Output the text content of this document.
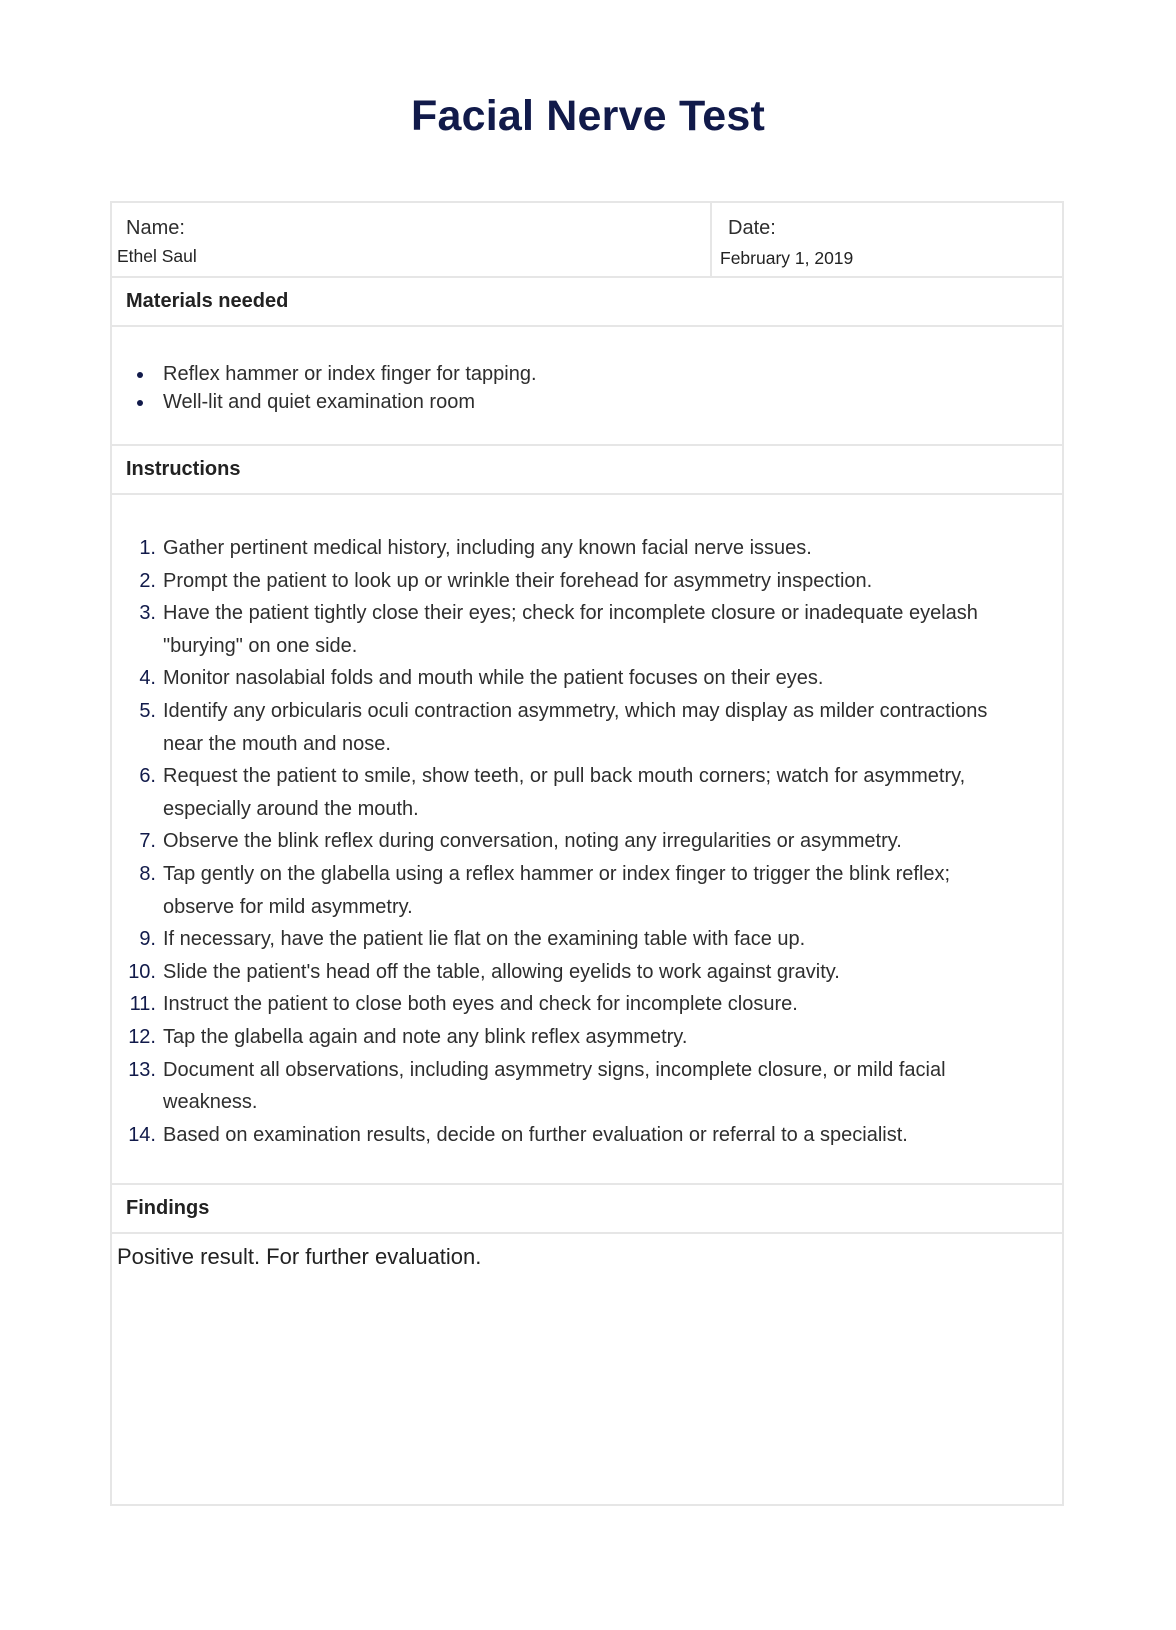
Facial Nerve Test
Name:
Ethel Saul
Date:
February 1, 2019
Materials needed
Reflex hammer or index finger for tapping.
Well-lit and quiet examination room
Instructions
1. Gather pertinent medical history, including any known facial nerve issues.
2. Prompt the patient to look up or wrinkle their forehead for asymmetry inspection.
3. Have the patient tightly close their eyes; check for incomplete closure or inadequate eyelash "burying" on one side.
4. Monitor nasolabial folds and mouth while the patient focuses on their eyes.
5. Identify any orbicularis oculi contraction asymmetry, which may display as milder contractions near the mouth and nose.
6. Request the patient to smile, show teeth, or pull back mouth corners; watch for asymmetry, especially around the mouth.
7. Observe the blink reflex during conversation, noting any irregularities or asymmetry.
8. Tap gently on the glabella using a reflex hammer or index finger to trigger the blink reflex; observe for mild asymmetry.
9. If necessary, have the patient lie flat on the examining table with face up.
10. Slide the patient's head off the table, allowing eyelids to work against gravity.
11. Instruct the patient to close both eyes and check for incomplete closure.
12. Tap the glabella again and note any blink reflex asymmetry.
13. Document all observations, including asymmetry signs, incomplete closure, or mild facial weakness.
14. Based on examination results, decide on further evaluation or referral to a specialist.
Findings
Positive result. For further evaluation.
